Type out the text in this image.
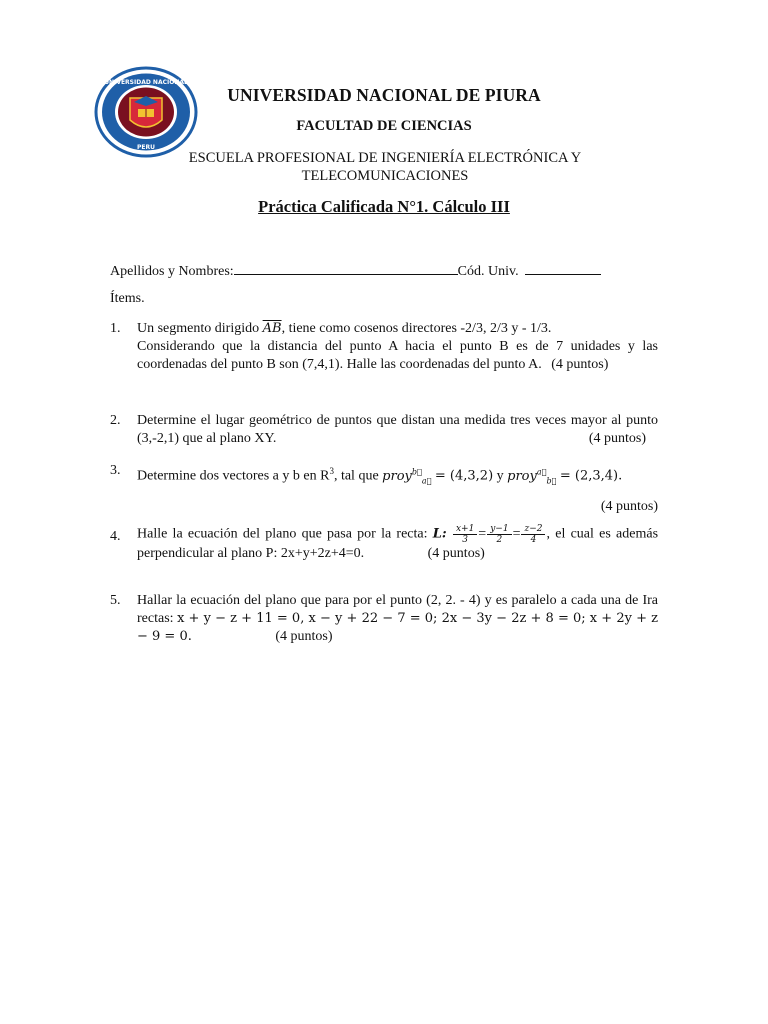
UNIVERSIDAD NACIONAL
PERU
UNIVERSIDAD NACIONAL DE PIURA
FACULTAD DE CIENCIAS
ESCUELA PROFESIONAL DE INGENIERÍA ELECTRÓNICA Y
TELECOMUNICACIONES
Práctica Calificada N°1. Cálculo III
Apellidos y Nombres:	Cód. Univ.
Ítems.
1. Un segmento dirigido $\overline{AB}$, tiene como cosenos directores -2/3, 2/3 y - 1/3.
Considerando que la distancia del punto A hacia el punto B es de 7 unidades y las coordenadas del punto B son (7,4,1). Halle las coordenadas del punto A. (4 puntos)
2. Determine el lugar geométrico de puntos que distan una medida tres veces mayor al punto (3,-2,1) que al plano XY.	(4 puntos)
3. Determine dos vectores a y b en $R^3$, tal que proy$^{b⃗}_{a⃗}$ = (4,3,2) y proy$^{a⃗}_{b⃗}$ = (2,3,4).
(4 puntos)
4. Halle la ecuación del plano que pasa por la recta: L: $\frac{x+1}{3} = \frac{y-1}{2} = \frac{z-2}{4}$ , el cual es además perpendicular al plano P: 2x+y+2z+4=0.	(4 puntos)
5. Hallar la ecuación del plano que para por el punto (2, 2. - 4) y es paralelo a cada una de Ira rectas: x + y − z + 11 = 0, x − y + 22 − 7 = 0; 2x − 3y − 2z + 8 = 0; x + 2y + z − 9 = 0.	(4 puntos)
